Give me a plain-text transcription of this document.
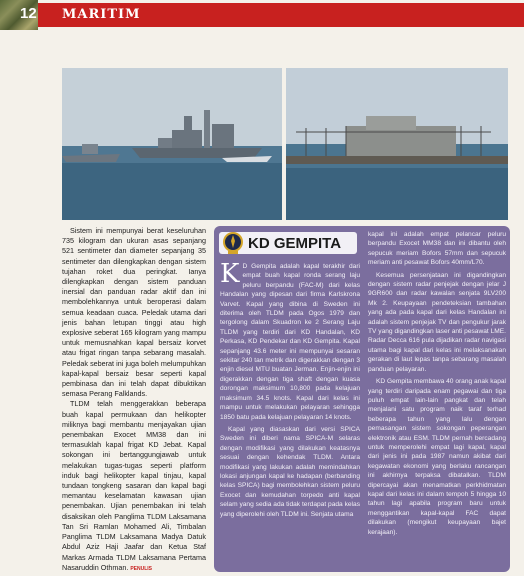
12 MARITIM

Sistem ini mempunyai berat keseluruhan 735 kilogram dan ukuran asas sepanjang 521 sentimeter dan diameter sepanjang 35 sentimeter dan dilengkapkan dengan sistem tujahan roket dua peringkat. Ianya dilengkapkan dengan sistem panduan inersial dan panduan radar aktif dan ini membolehkannya untuk beroperasi dalam semua keadaan cuaca. Peledak utama dari jenis bahan letupan tinggi atau high explosive seberat 165 kilogram yang mampu untuk memusnahkan kapal bersaiz korvet atau frigat ringan tanpa sebarang masalah. Peledak seberat ini juga boleh melumpuhkan kapal-kapal bersaiz besar seperti kapal pembinasa dan ini telah dapat dibuktikan semasa Perang Falklands.

TLDM telah menggerakkan beberapa buah kapal permukaan dan helikopter miliknya bagi membantu menjayakan ujian penembakan Exocet MM38 dan ini termasuklah kapal frigat KD Jebat. Kapal sokongan ini bertanggungjawab untuk melakukan tugas-tugas seperti platform induk bagi helikopter kapal tinjau, kapal tundaan tongkeng sasaran dan kapal bagi memantau keselamatan kawasan ujian penembakan. Ujian penembakan ini telah disaksikan oleh Panglima TLDM Laksamana Tan Sri Ramlan Mohamed Ali, Timbalan Panglima TLDM Laksamana Madya Datuk Abdul Aziz Haji Jaafar dan Ketua Staf Markas Armada TLDM Laksamana Pertama Nasaruddin Othman. PENULIS

KD GEMPITA

K D Gempita adalah kapal terakhir dari empat buah kapal ronda serang laju peluru berpandu (FAC-M) dari kelas Handalan yang dipesan dari firma Karlskrona Varvet. Kapal yang dibina di Sweden ini diterima oleh TLDM pada Ogos 1979 dan tergolong dalam Skuadron ke 2 Serang Laju TLDM yang terdiri dari KD Handalan, KD Perkasa, KD Pendekar dan KD Gempita. Kapal sepanjang 43.6 meter ini mempunyai sesaran sekitar 240 tan metrik dan digerakkan dengan 3 enjin diesel MTU buatan Jerman. Enjin-enjin ini digerakkan dengan tiga shaft dengan kuasa dorongan maksimum 10,800 pada kelajuan maksimum 34.5 knots. Kapal dari kelas ini mampu untuk melakukan pelayaran sehingga 1850 batu pada kelajuan pelayaran 14 knots.

Kapal yang diasaskan dari versi SPICA Sweden ini diberi nama SPICA-M selaras dengan modifikasi yang dilakukan keatasnya sesuai dengan kehendak TLDM. Antara modifikasi yang lakukan adalah memindahkan lokasi anjungan kapal ke hadapan (berbanding kelas SPICA) bagi membolehkan sistem peluru Exocet dan kemudahan torpedo anti kapal selam yang sedia ada tidak terdapat pada kelas yang diperolehi oleh TLDM ini. Senjata utama

kapal ini adalah empat pelancar peluru berpandu Exocet MM38 dan ini dibantu oleh sepucuk meriam Bofors 57mm dan sepucuk meriam anti pesawat Bofors 40mm/L70.

Kesemua persenjataan ini digandingkan dengan sistem radar penjejak dengan jelar J 9GR600 dan radar kawalan senjata 9LV200 Mk 2. Keupayaan pendeteksian tambahan yang ada pada kapal dari kelas Handalan ini adalah sistem penjejak TV dan pengukur jarak TV yang digandingkan laser anti pesawat LME. Radar Decca 616 pula dijadikan radar navigasi utama bagi kapal dari kelas ini melaksanakan gerakan di laut lepas tanpa sebarang masalah panduan pelayaran.

KD Gempita membawa 40 orang anak kapal yang terdiri daripada enam pegawai dan tiga puluh empat lain-lain pangkat dan telah menjalani satu program naik taraf terhad beberapa tahun yang lalu dengan pemasangan sistem sokongan peperangan elektronik atau ESM. TLDM pernah bercadang untuk memperolehi empat lagi kapal, kapal dari jenis ini pada 1987 namun akibat dari kegawatan ekonomi yang berlaku rancangan ini akhirnya terpaksa dibatalkan. TLDM dipercayai akan menamatkan perkhidmatan kapal dari kelas ini dalam tempoh 5 hingga 10 tahun lagi apabila program baru untuk menggantikan kapal-kapal FAC dapat dilakukan (mengikut keupayaan bajet kerajaan).
